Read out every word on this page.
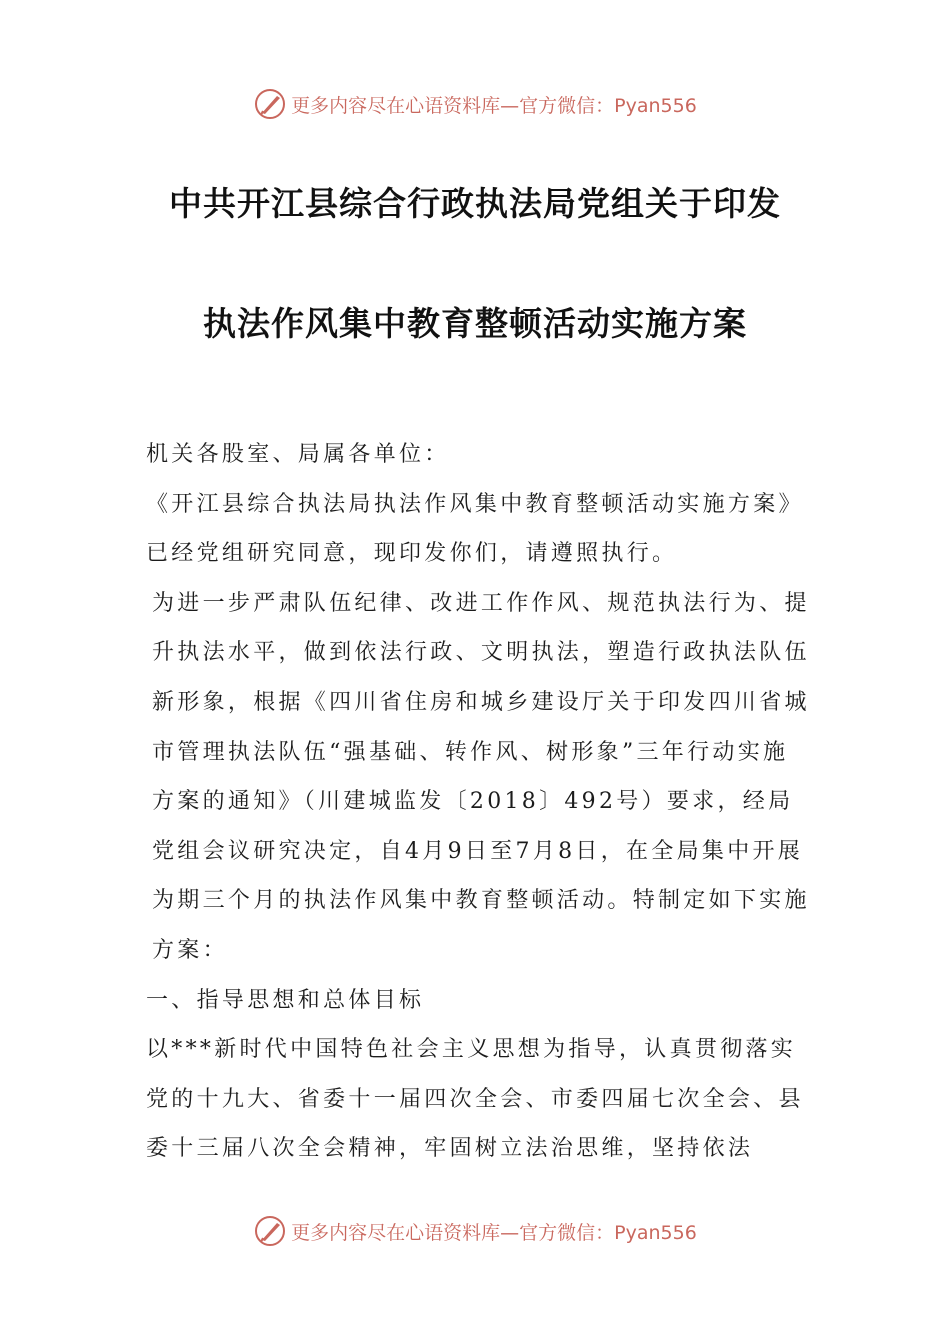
更多内容尽在心语资料库—官方微信：Pyan556
中共开江县综合行政执法局党组关于印发
执法作风集中教育整顿活动实施方案

机关各股室、局属各单位：

《开江县综合执法局执法作风集中教育整顿活动实施方案》已经党组研究同意，现印发你们，请遵照执行。

为进一步严肃队伍纪律、改进工作作风、规范执法行为、提升执法水平，做到依法行政、文明执法，塑造行政执法队伍新形象，根据《四川省住房和城乡建设厅关于印发四川省城市管理执法队伍“强基础、转作风、树形象”三年行动实施方案的通知》（川建城监发〔2018〕492号）要求，经局党组会议研究决定，自4月9日至7月8日，在全局集中开展为期三个月的执法作风集中教育整顿活动。特制定如下实施方案：

一、指导思想和总体目标

以***新时代中国特色社会主义思想为指导，认真贯彻落实党的十九大、省委十一届四次全会、市委四届七次全会、县委十三届八次全会精神，牢固树立法治思维，坚持依法

更多内容尽在心语资料库—官方微信：Pyan556
